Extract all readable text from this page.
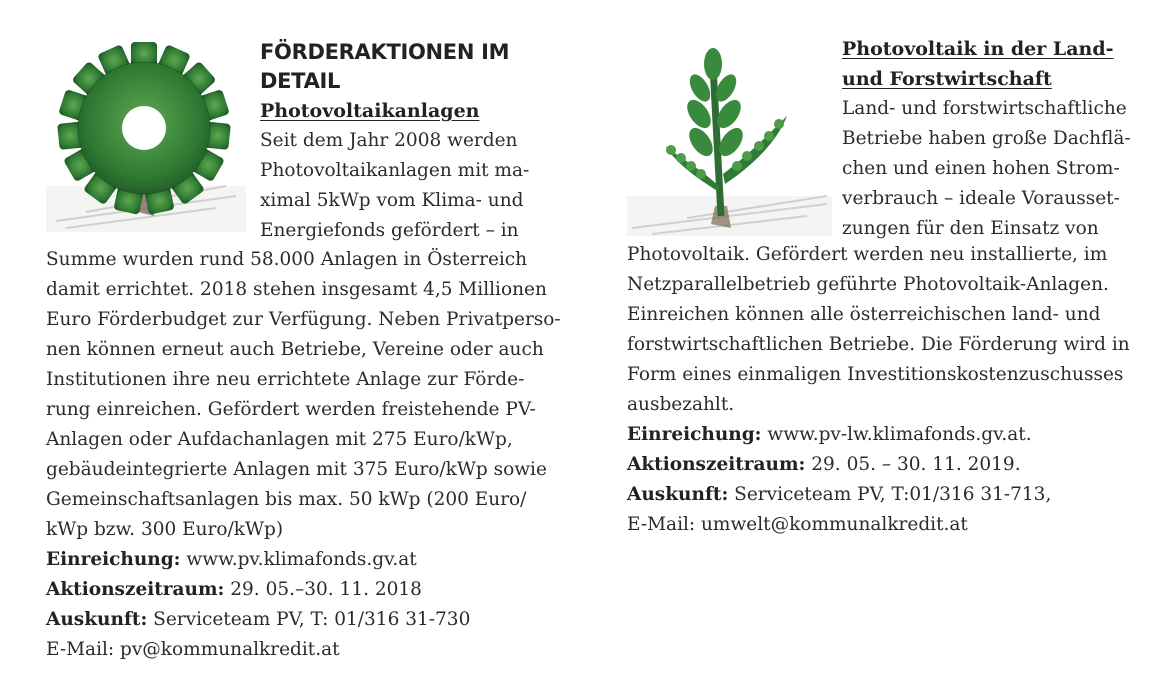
FÖRDERAKTIONEN IM
DETAIL

Photovoltaikanlagen

Seit dem Jahr 2008 werden
Photovoltaikanlagen mit ma-
ximal 5kWp vom Klima- und
Energiefonds gefördert – in

Summe wurden rund 58.000 Anlagen in Österreich
damit errichtet. 2018 stehen insgesamt 4,5 Millionen
Euro Förderbudget zur Verfügung. Neben Privatperso-
nen können erneut auch Betriebe, Vereine oder auch
Institutionen ihre neu errichtete Anlage zur Förde-
rung einreichen. Gefördert werden freistehende PV-
Anlagen oder Aufdachanlagen mit 275 Euro/kWp,
gebäudeintegrierte Anlagen mit 375 Euro/kWp sowie
Gemeinschaftsanlagen bis max. 50 kWp (200 Euro/
kWp bzw. 300 Euro/kWp)

Einreichung: www.pv.klimafonds.gv.at

Aktionszeitraum: 29. 05.–30. 11. 2018

Auskunft: Serviceteam PV, T: 01/316 31-730

E-Mail: pv@kommunalkredit.at

Photovoltaik in der Land-
und Forstwirtschaft

Land- und forstwirtschaftliche
Betriebe haben große Dachflä-
chen und einen hohen Strom-
verbrauch – ideale Vorausset-
zungen für den Einsatz von

Photovoltaik. Gefördert werden neu installierte, im
Netzparallelbetrieb geführte Photovoltaik-Anlagen.
Einreichen können alle österreichischen land- und
forstwirtschaftlichen Betriebe. Die Förderung wird in
Form eines einmaligen Investitionskostenzuschusses
ausbezahlt.

Einreichung: www.pv-lw.klimafonds.gv.at.

Aktionszeitraum: 29. 05. – 30. 11. 2019.

Auskunft: Serviceteam PV, T:01/316 31-713,

E-Mail: umwelt@kommunalkredit.at
